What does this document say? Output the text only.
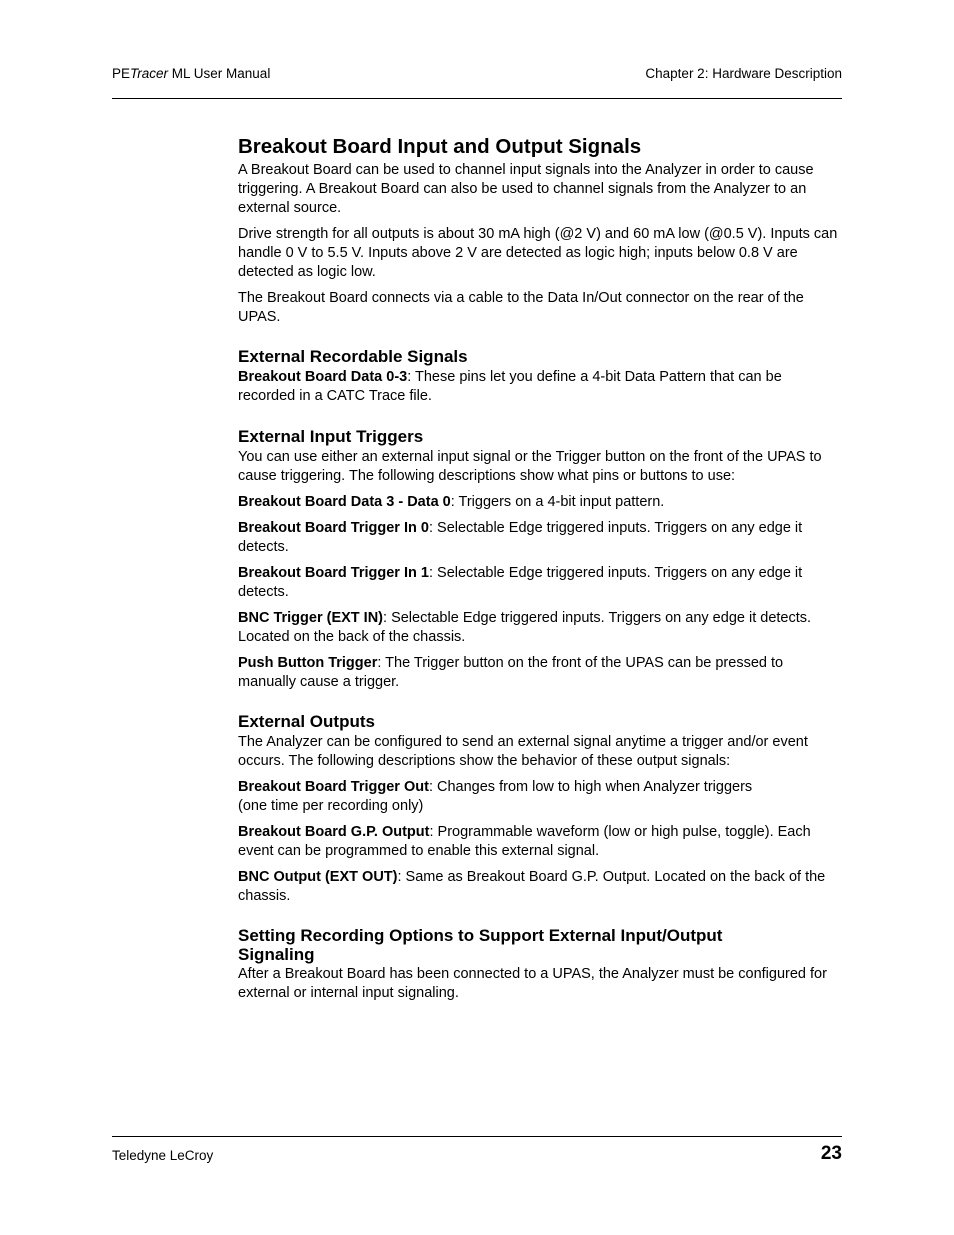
PETracer ML User Manual	Chapter 2: Hardware Description
Breakout Board Input and Output Signals

A Breakout Board can be used to channel input signals into the Analyzer in order to cause triggering. A Breakout Board can also be used to channel signals from the Analyzer to an external source.

Drive strength for all outputs is about 30 mA high (@2 V) and 60 mA low (@0.5 V). Inputs can handle 0 V to 5.5 V. Inputs above 2 V are detected as logic high; inputs below 0.8 V are detected as logic low.

The Breakout Board connects via a cable to the Data In/Out connector on the rear of the UPAS.

External Recordable Signals

Breakout Board Data 0-3: These pins let you define a 4-bit Data Pattern that can be recorded in a CATC Trace file.

External Input Triggers

You can use either an external input signal or the Trigger button on the front of the UPAS to cause triggering. The following descriptions show what pins or buttons to use:

Breakout Board Data 3 - Data 0: Triggers on a 4-bit input pattern.

Breakout Board Trigger In 0: Selectable Edge triggered inputs. Triggers on any edge it detects.

Breakout Board Trigger In 1: Selectable Edge triggered inputs. Triggers on any edge it detects.

BNC Trigger (EXT IN): Selectable Edge triggered inputs. Triggers on any edge it detects. Located on the back of the chassis.

Push Button Trigger: The Trigger button on the front of the UPAS can be pressed to manually cause a trigger.

External Outputs

The Analyzer can be configured to send an external signal anytime a trigger and/or event occurs. The following descriptions show the behavior of these output signals:

Breakout Board Trigger Out: Changes from low to high when Analyzer triggers
(one time per recording only)

Breakout Board G.P. Output: Programmable waveform (low or high pulse, toggle). Each event can be programmed to enable this external signal.

BNC Output (EXT OUT): Same as Breakout Board G.P. Output. Located on the back of the chassis.

Setting Recording Options to Support External Input/Output
Signaling

After a Breakout Board has been connected to a UPAS, the Analyzer must be configured for external or internal input signaling.

Teledyne LeCroy	23
